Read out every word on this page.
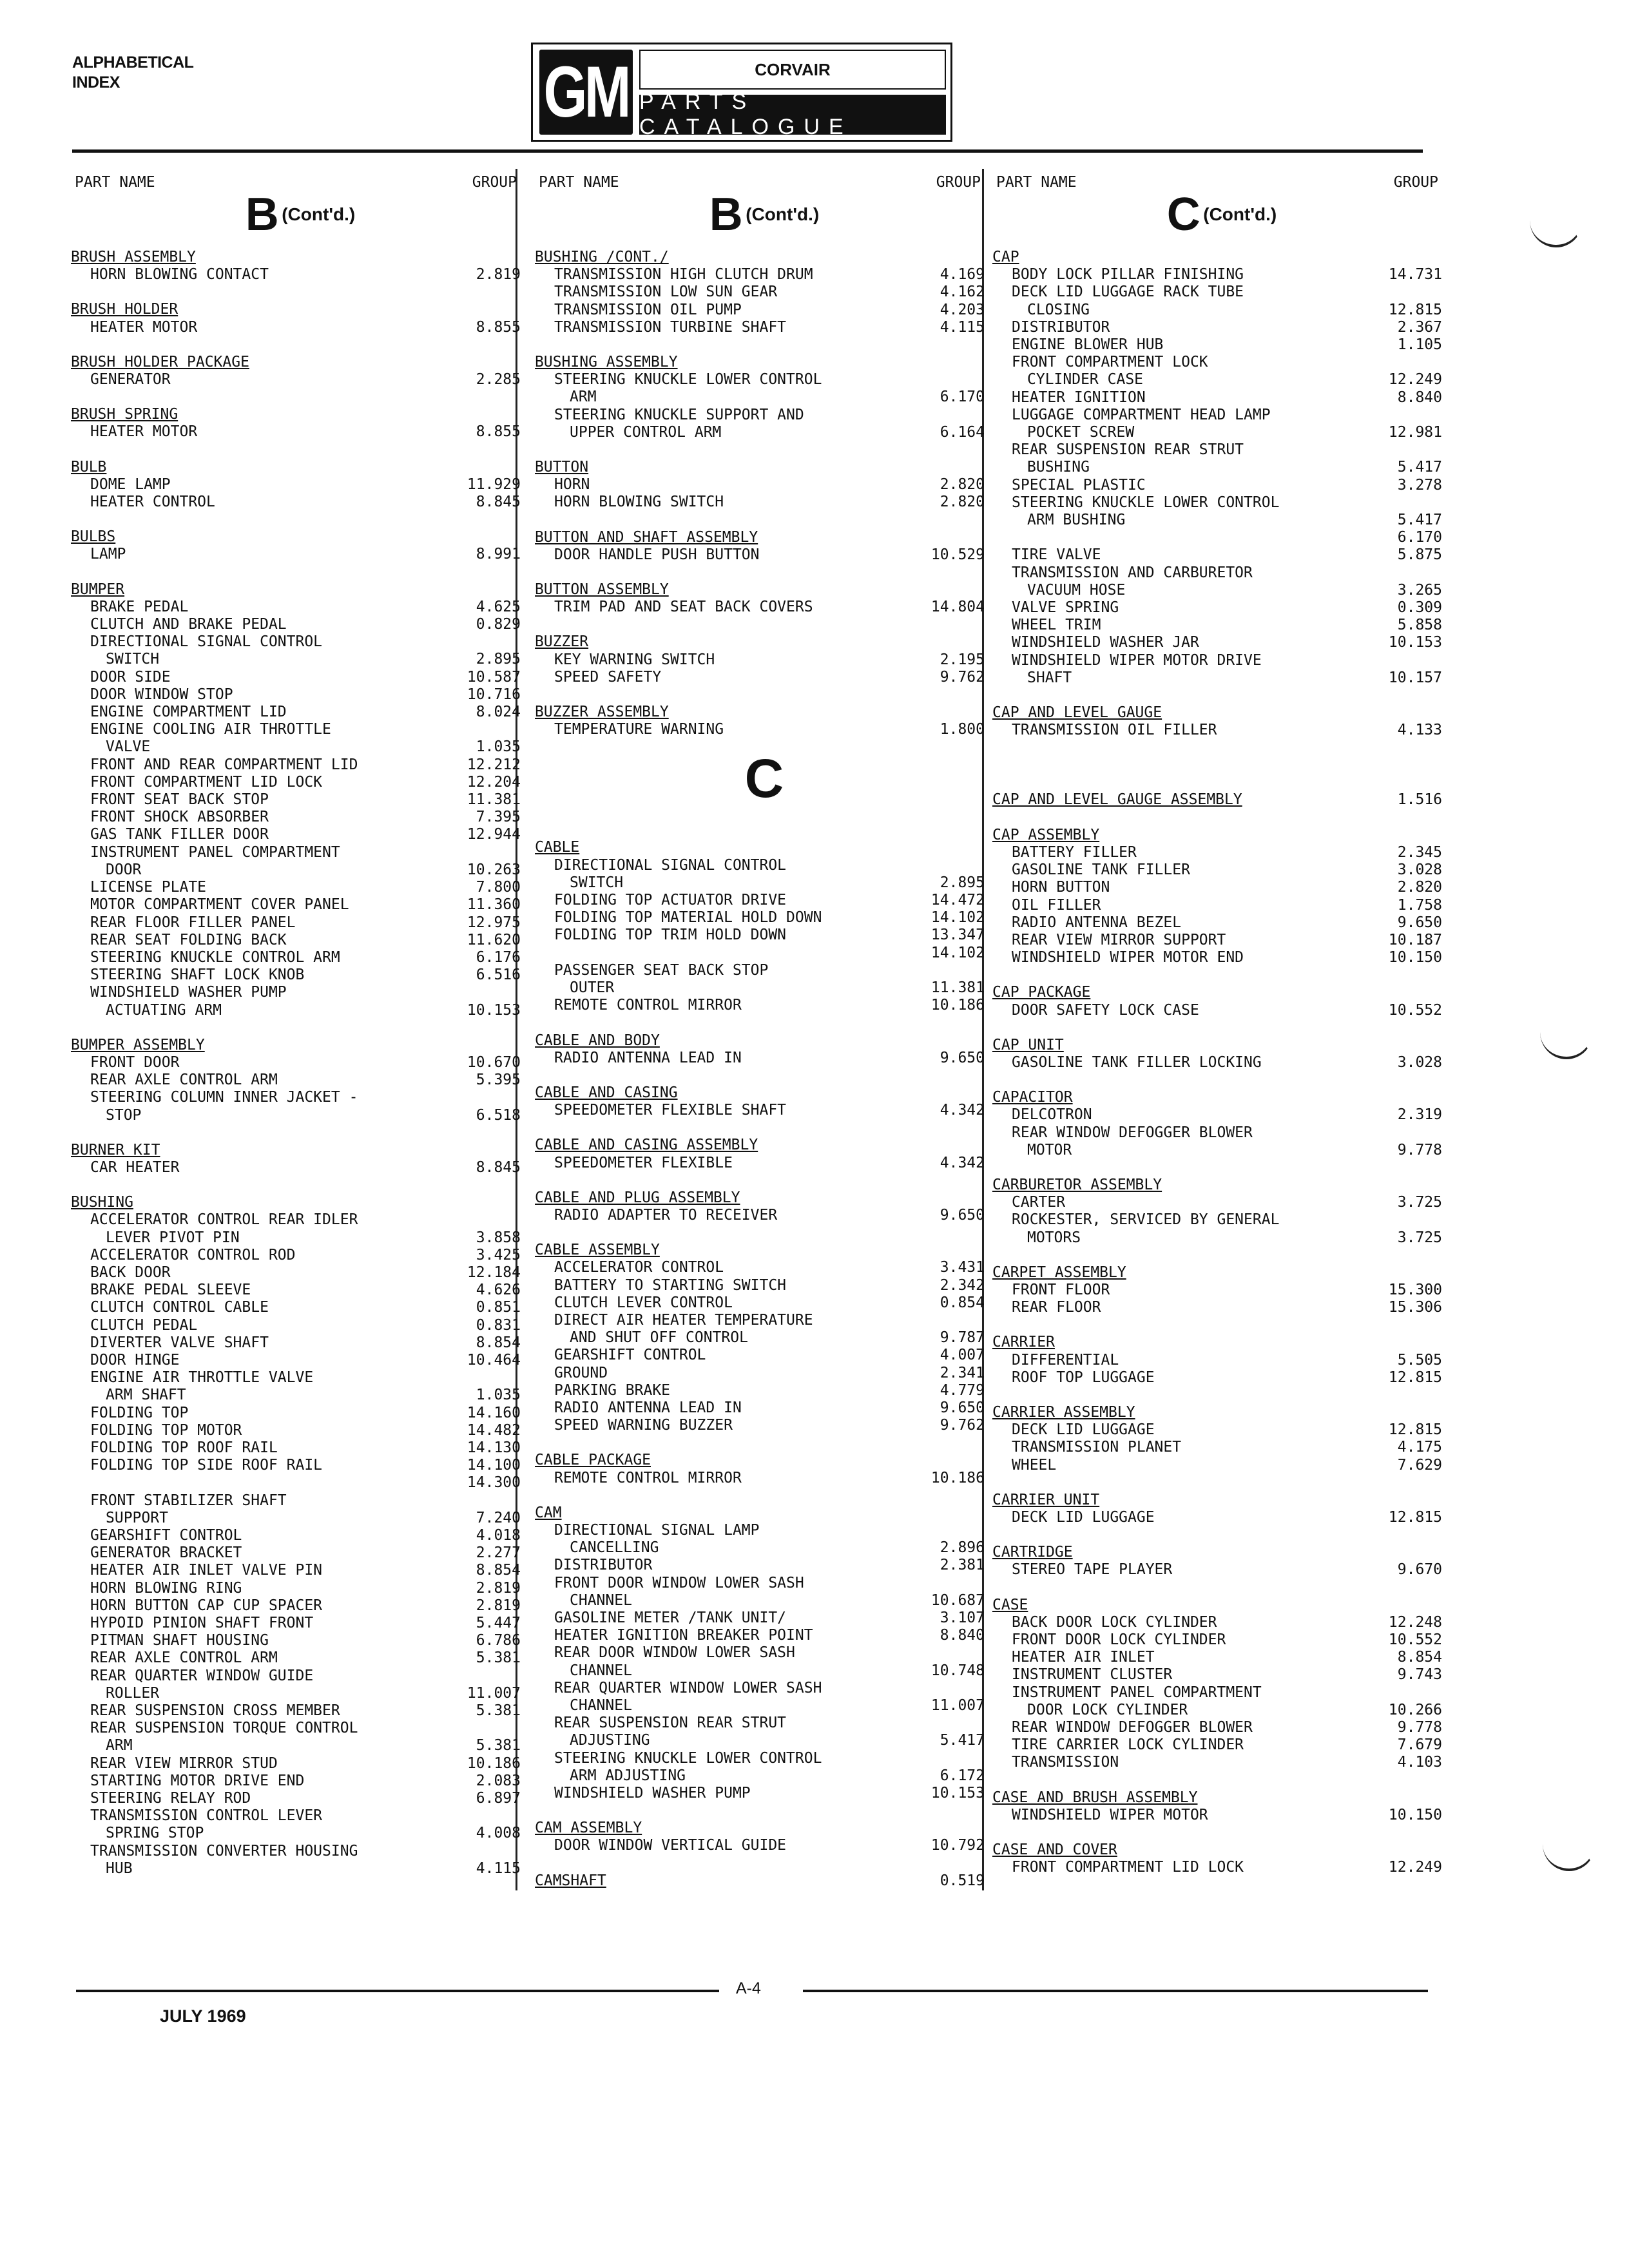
ALPHABETICAL
INDEX	GM	CORVAIR
PARTS CATALOGUE
PART NAME	GROUP
B (Cont'd.)
BRUSH ASSEMBLY
HORN BLOWING CONTACT	2.819
BRUSH HOLDER
HEATER MOTOR	8.855
BRUSH HOLDER PACKAGE
GENERATOR	2.285
BRUSH SPRING
HEATER MOTOR	8.855
BULB
DOME LAMP	11.929
HEATER CONTROL	8.845
BULBS
LAMP	8.991
BUMPER
BRAKE PEDAL	4.625
CLUTCH AND BRAKE PEDAL	0.829
DIRECTIONAL SIGNAL CONTROL
SWITCH	2.895
DOOR SIDE	10.587
DOOR WINDOW STOP	10.716
ENGINE COMPARTMENT LID	8.024
ENGINE COOLING AIR THROTTLE
VALVE	1.035
FRONT AND REAR COMPARTMENT LID	12.212
FRONT COMPARTMENT LID LOCK	12.204
FRONT SEAT BACK STOP	11.381
FRONT SHOCK ABSORBER	7.395
GAS TANK FILLER DOOR	12.944
INSTRUMENT PANEL COMPARTMENT
DOOR	10.263
LICENSE PLATE	7.800
MOTOR COMPARTMENT COVER PANEL	11.360
REAR FLOOR FILLER PANEL	12.975
REAR SEAT FOLDING BACK	11.620
STEERING KNUCKLE CONTROL ARM	6.176
STEERING SHAFT LOCK KNOB	6.516
WINDSHIELD WASHER PUMP
ACTUATING ARM	10.153
BUMPER ASSEMBLY
FRONT DOOR	10.670
REAR AXLE CONTROL ARM	5.395
STEERING COLUMN INNER JACKET -
STOP	6.518
BURNER KIT
CAR HEATER	8.845
BUSHING
ACCELERATOR CONTROL REAR IDLER
LEVER PIVOT PIN	3.858
ACCELERATOR CONTROL ROD	3.425
BACK DOOR	12.184
BRAKE PEDAL SLEEVE	4.626
CLUTCH CONTROL CABLE	0.851
CLUTCH PEDAL	0.831
DIVERTER VALVE SHAFT	8.854
DOOR HINGE	10.464
ENGINE AIR THROTTLE VALVE
ARM SHAFT	1.035
FOLDING TOP	14.160
FOLDING TOP MOTOR	14.482
FOLDING TOP ROOF RAIL	14.130
FOLDING TOP SIDE ROOF RAIL	14.100
14.300
FRONT STABILIZER SHAFT
SUPPORT	7.240
GEARSHIFT CONTROL	4.018
GENERATOR BRACKET	2.277
HEATER AIR INLET VALVE PIN	8.854
HORN BLOWING RING	2.819
HORN BUTTON CAP CUP SPACER	2.819
HYPOID PINION SHAFT FRONT	5.447
PITMAN SHAFT HOUSING	6.786
REAR AXLE CONTROL ARM	5.381
REAR QUARTER WINDOW GUIDE
ROLLER	11.007
REAR SUSPENSION CROSS MEMBER	5.381
REAR SUSPENSION TORQUE CONTROL
ARM	5.381
REAR VIEW MIRROR STUD	10.186
STARTING MOTOR DRIVE END	2.083
STEERING RELAY ROD	6.897
TRANSMISSION CONTROL LEVER
SPRING STOP	4.008
TRANSMISSION CONVERTER HOUSING
HUB	4.115
PART NAME	GROUP
B (Cont'd.)
BUSHING /CONT./
TRANSMISSION HIGH CLUTCH DRUM	4.169
TRANSMISSION LOW SUN GEAR	4.162
TRANSMISSION OIL PUMP	4.203
TRANSMISSION TURBINE SHAFT	4.115
BUSHING ASSEMBLY
STEERING KNUCKLE LOWER CONTROL
ARM	6.170
STEERING KNUCKLE SUPPORT AND
UPPER CONTROL ARM	6.164
BUTTON
HORN	2.820
HORN BLOWING SWITCH	2.820
BUTTON AND SHAFT ASSEMBLY
DOOR HANDLE PUSH BUTTON	10.529
BUTTON ASSEMBLY
TRIM PAD AND SEAT BACK COVERS	14.804
BUZZER
KEY WARNING SWITCH	2.195
SPEED SAFETY	9.762
BUZZER ASSEMBLY
TEMPERATURE WARNING	1.800
C
CABLE
DIRECTIONAL SIGNAL CONTROL
SWITCH	2.895
FOLDING TOP ACTUATOR DRIVE	14.472
FOLDING TOP MATERIAL HOLD DOWN	14.102
FOLDING TOP TRIM HOLD DOWN	13.347
14.102
PASSENGER SEAT BACK STOP
OUTER	11.381
REMOTE CONTROL MIRROR	10.186
CABLE AND BODY
RADIO ANTENNA LEAD IN	9.650
CABLE AND CASING
SPEEDOMETER FLEXIBLE SHAFT	4.342
CABLE AND CASING ASSEMBLY
SPEEDOMETER FLEXIBLE	4.342
CABLE AND PLUG ASSEMBLY
RADIO ADAPTER TO RECEIVER	9.650
CABLE ASSEMBLY
ACCELERATOR CONTROL	3.431
BATTERY TO STARTING SWITCH	2.342
CLUTCH LEVER CONTROL	0.854
DIRECT AIR HEATER TEMPERATURE
AND SHUT OFF CONTROL	9.787
GEARSHIFT CONTROL	4.007
GROUND	2.341
PARKING BRAKE	4.779
RADIO ANTENNA LEAD IN	9.650
SPEED WARNING BUZZER	9.762
CABLE PACKAGE
REMOTE CONTROL MIRROR	10.186
CAM
DIRECTIONAL SIGNAL LAMP
CANCELLING	2.896
DISTRIBUTOR	2.381
FRONT DOOR WINDOW LOWER SASH
CHANNEL	10.687
GASOLINE METER /TANK UNIT/	3.107
HEATER IGNITION BREAKER POINT	8.840
REAR DOOR WINDOW LOWER SASH
CHANNEL	10.748
REAR QUARTER WINDOW LOWER SASH
CHANNEL	11.007
REAR SUSPENSION REAR STRUT
ADJUSTING	5.417
STEERING KNUCKLE LOWER CONTROL
ARM ADJUSTING	6.172
WINDSHIELD WASHER PUMP	10.153
CAM ASSEMBLY
DOOR WINDOW VERTICAL GUIDE	10.792
CAMSHAFT	0.519
PART NAME	GROUP
C (Cont'd.)
CAP
BODY LOCK PILLAR FINISHING	14.731
DECK LID LUGGAGE RACK TUBE
CLOSING	12.815
DISTRIBUTOR	2.367
ENGINE BLOWER HUB	1.105
FRONT COMPARTMENT LOCK
CYLINDER CASE	12.249
HEATER IGNITION	8.840
LUGGAGE COMPARTMENT HEAD LAMP
POCKET SCREW	12.981
REAR SUSPENSION REAR STRUT
BUSHING	5.417
SPECIAL PLASTIC	3.278
STEERING KNUCKLE LOWER CONTROL
ARM BUSHING	5.417
6.170
TIRE VALVE	5.875
TRANSMISSION AND CARBURETOR
VACUUM HOSE	3.265
VALVE SPRING	0.309
WHEEL TRIM	5.858
WINDSHIELD WASHER JAR	10.153
WINDSHIELD WIPER MOTOR DRIVE
SHAFT	10.157
CAP AND LEVEL GAUGE
TRANSMISSION OIL FILLER	4.133
CAP AND LEVEL GAUGE ASSEMBLY	1.516
CAP ASSEMBLY
BATTERY FILLER	2.345
GASOLINE TANK FILLER	3.028
HORN BUTTON	2.820
OIL FILLER	1.758
RADIO ANTENNA BEZEL	9.650
REAR VIEW MIRROR SUPPORT	10.187
WINDSHIELD WIPER MOTOR END	10.150
CAP PACKAGE
DOOR SAFETY LOCK CASE	10.552
CAP UNIT
GASOLINE TANK FILLER LOCKING	3.028
CAPACITOR
DELCOTRON	2.319
REAR WINDOW DEFOGGER BLOWER
MOTOR	9.778
CARBURETOR ASSEMBLY
CARTER	3.725
ROCKESTER, SERVICED BY GENERAL
MOTORS	3.725
CARPET ASSEMBLY
FRONT FLOOR	15.300
REAR FLOOR	15.306
CARRIER
DIFFERENTIAL	5.505
ROOF TOP LUGGAGE	12.815
CARRIER ASSEMBLY
DECK LID LUGGAGE	12.815
TRANSMISSION PLANET	4.175
WHEEL	7.629
CARRIER UNIT
DECK LID LUGGAGE	12.815
CARTRIDGE
STEREO TAPE PLAYER	9.670
CASE
BACK DOOR LOCK CYLINDER	12.248
FRONT DOOR LOCK CYLINDER	10.552
HEATER AIR INLET	8.854
INSTRUMENT CLUSTER	9.743
INSTRUMENT PANEL COMPARTMENT
DOOR LOCK CYLINDER	10.266
REAR WINDOW DEFOGGER BLOWER	9.778
TIRE CARRIER LOCK CYLINDER	7.679
TRANSMISSION	4.103
CASE AND BRUSH ASSEMBLY
WINDSHIELD WIPER MOTOR	10.150
CASE AND COVER
FRONT COMPARTMENT LID LOCK	12.249
A-4
JULY 1969
